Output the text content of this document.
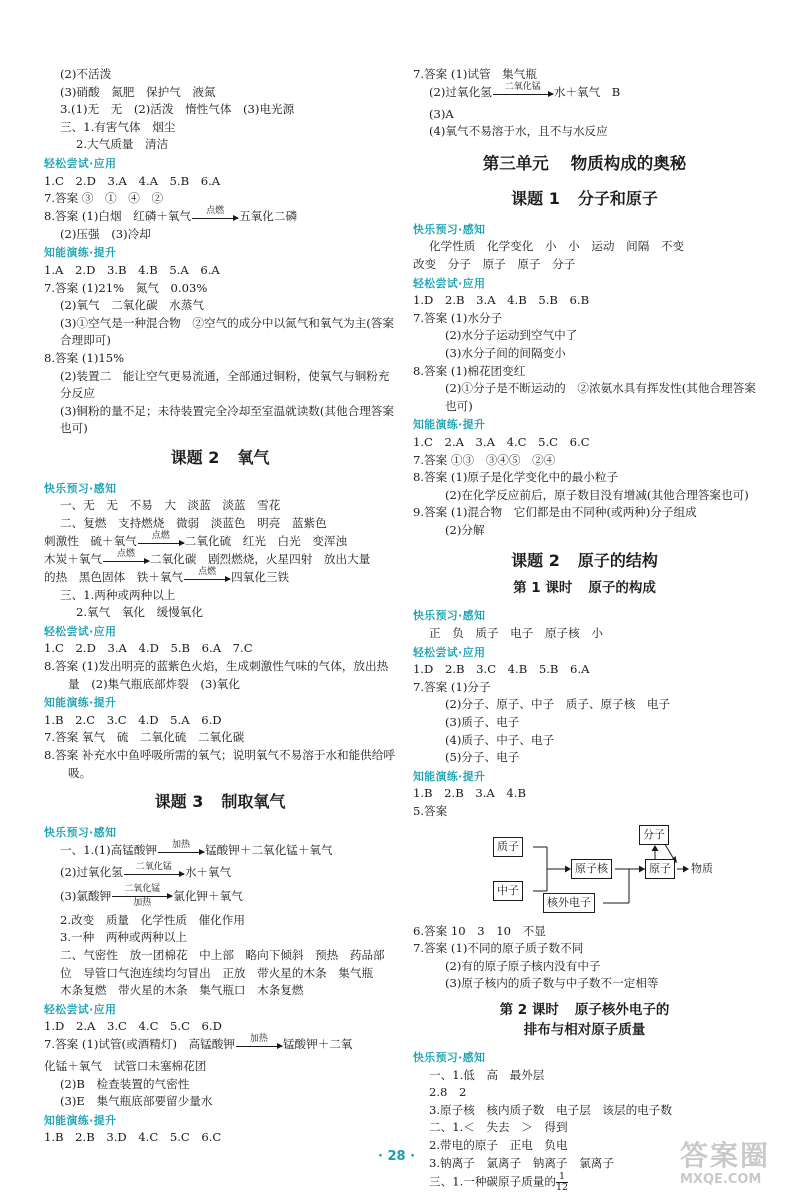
(2)不活泼
(3)硝酸　氮肥　保护气　液氮
3.(1)无　无　(2)活泼　惰性气体　(3)电光源
三、1.有害气体　烟尘
2.大气质量　清洁
轻松尝试·应用
1.C　2.D　3.A　4.A　5.B　6.A
7.答案 ③　①　④　②
8.答案 (1)白烟　红磷＋氧气	点燃	五氧化二磷
(2)压强　(3)冷却
知能演练·提升
1.A　2.D　3.B　4.B　5.A　6.A
7.答案 (1)21%　氮气　0.03%
(2)氧气　二氧化碳　水蒸气
(3)①空气是一种混合物　②空气的成分中以氮气和氧气为主(答案合理即可)
8.答案 (1)15%
(2)装置二　能让空气更易流通，全部通过铜粉，使氧气与铜粉充分反应
(3)铜粉的量不足；未待装置完全冷却至室温就读数(其他合理答案也可)
课题 2 氧气
快乐预习·感知
一、无　无　不易　大　淡蓝　淡蓝　雪花
二、复燃　支持燃烧　微弱　淡蓝色　明亮　蓝紫色
刺激性　硫＋氧气	点燃	二氧化硫　红光　白光　变浑浊
木炭＋氧气	点燃	二氧化碳　剧烈燃烧，火星四射　放出大量
的热　黑色固体　铁＋氧气	点燃	四氧化三铁
三、1.两种或两种以上
2.氧气　氧化　缓慢氧化
轻松尝试·应用
1.C　2.D　3.A　4.D　5.B　6.A　7.C
8.答案 (1)发出明亮的蓝紫色火焰，生成刺激性气味的气体，放出热量　(2)集气瓶底部炸裂　(3)氧化
知能演练·提升
1.B　2.C　3.C　4.D　5.A　6.D
7.答案 氧气　硫　二氧化硫　二氧化碳
8.答案 补充水中鱼呼吸所需的氧气；说明氧气不易溶于水和能供给呼吸。
课题 3 制取氧气
快乐预习·感知
一、1.(1)高锰酸钾	加热	锰酸钾＋二氧化锰＋氧气
(2)过氧化氢	二氧化锰	水＋氧气
(3)氯酸钾	二氧化锰
加热	氯化钾＋氧气
2.改变　质量　化学性质　催化作用
3.一种　两种或两种以上
二、气密性　放一团棉花　中上部　略向下倾斜　预热　药品部位　导管口气泡连续均匀冒出　正放　带火星的木条　集气瓶　木条复燃　带火星的木条　集气瓶口　木条复燃
轻松尝试·应用
1.D　2.A　3.C　4.C　5.C　6.D
7.答案 (1)试管(或酒精灯)　高锰酸钾	加热	锰酸钾＋二氧
化锰＋氧气　试管口未塞棉花团
(2)B　检查装置的气密性
(3)E　集气瓶底部要留少量水
知能演练·提升
1.B　2.B　3.D　4.C　5.C　6.C
7.答案 (1)试管　集气瓶
(2)过氧化氢	二氧化锰	水＋氧气　B
(3)A
(4)氧气不易溶于水，且不与水反应
第三单元 物质构成的奥秘
课题 1 分子和原子
快乐预习·感知
化学性质　化学变化　小　小　运动　间隔　不变
改变　分子　原子　原子　分子
轻松尝试·应用
1.D　2.B　3.A　4.B　5.B　6.B
7.答案 (1)水分子
(2)水分子运动到空气中了
(3)水分子间的间隔变小
8.答案 (1)棉花团变红
(2)①分子是不断运动的　②浓氨水具有挥发性(其他合理答案也可)
知能演练·提升
1.C　2.A　3.A　4.C　5.C　6.C
7.答案 ①③　③④⑤　②④
8.答案 (1)原子是化学变化中的最小粒子
(2)在化学反应前后，原子数目没有增减(其他合理答案也可)
9.答案 (1)混合物　它们都是由不同种(或两种)分子组成
(2)分解
课题 2 原子的结构
第 1 课时 原子的构成
快乐预习·感知
正　负　质子　电子　原子核　小
轻松尝试·应用
1.D　2.B　3.C　4.B　5.B　6.A
7.答案 (1)分子
(2)分子、原子、中子　质子、原子核　电子
(3)质子、电子
(4)质子、中子、电子
(5)分子、电子
知能演练·提升
1.B　2.B　3.A　4.B
5.答案
质子
中子
原子核
核外电子
原子
分子
物质
6.答案 10　3　10　不显
7.答案 (1)不同的原子质子数不同
(2)有的原子原子核内没有中子
(3)原子核内的质子数与中子数不一定相等
第 2 课时 原子核外电子的
排布与相对原子质量
快乐预习·感知
一、1.低　高　最外层
2.8　2
3.原子核　核内质子数　电子层　该层的电子数
二、1.＜　失去　＞　得到
2.带电的原子　正电　负电
3.钠离子　氯离子　钠离子　氯离子
三、1.一种碳原子质量的 $\frac{1}{12}$
· 28 ·	答案圈
MXQE.COM
